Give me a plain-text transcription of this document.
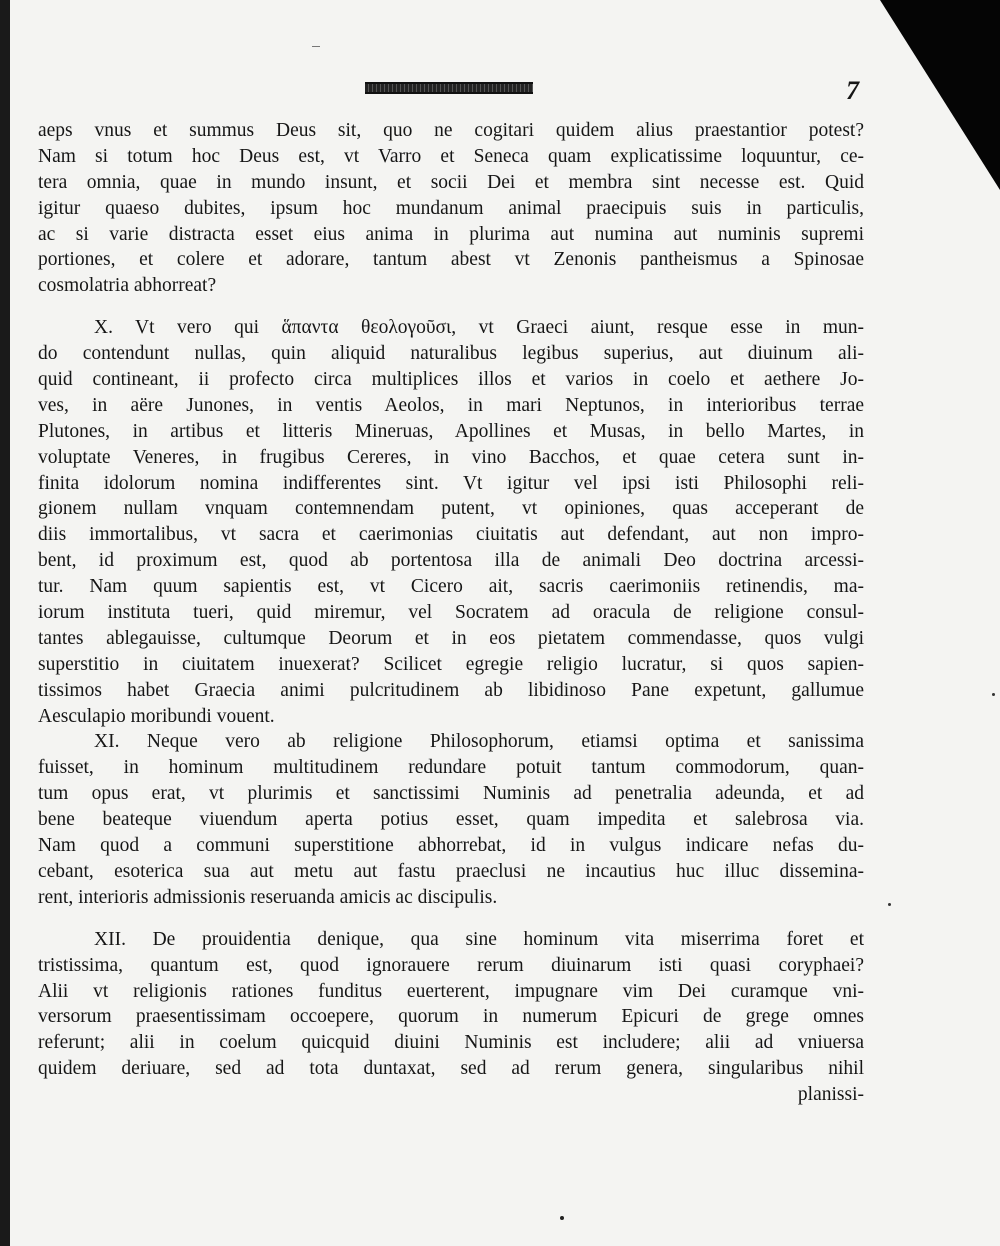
7
aeps vnus et summus Deus sit, quo ne cogitari quidem alius praestantior potest?
Nam si totum hoc Deus est, vt Varro et Seneca quam explicatissime loquuntur, ce-
tera omnia, quae in mundo insunt, et socii Dei et membra sint necesse est. Quid
igitur quaeso dubites, ipsum hoc mundanum animal praecipuis suis in particulis,
ac si varie distracta esset eius anima in plurima aut numina aut numinis supremi
portiones, et colere et adorare, tantum abest vt Zenonis pantheismus a Spinosae
cosmolatria abhorreat?
X. Vt vero qui ἅπαντα θεολογοῦσι, vt Graeci aiunt, resque esse in mun-
do contendunt nullas, quin aliquid naturalibus legibus superius, aut diuinum ali-
quid contineant, ii profecto circa multiplices illos et varios in coelo et aethere Jo-
ves, in aëre Junones, in ventis Aeolos, in mari Neptunos, in interioribus terrae
Plutones, in artibus et litteris Mineruas, Apollines et Musas, in bello Martes, in
voluptate Veneres, in frugibus Cereres, in vino Bacchos, et quae cetera sunt in-
finita idolorum nomina indifferentes sint. Vt igitur vel ipsi isti Philosophi reli-
gionem nullam vnquam contemnendam putent, vt opiniones, quas acceperant de
diis immortalibus, vt sacra et caerimonias ciuitatis aut defendant, aut non impro-
bent, id proximum est, quod ab portentosa illa de animali Deo doctrina arcessi-
tur. Nam quum sapientis est, vt Cicero ait, sacris caerimoniis retinendis, ma-
iorum instituta tueri, quid miremur, vel Socratem ad oracula de religione consul-
tantes ablegauisse, cultumque Deorum et in eos pietatem commendasse, quos vulgi
superstitio in ciuitatem inuexerat? Scilicet egregie religio lucratur, si quos sapien-
tissimos habet Graecia animi pulcritudinem ab libidinoso Pane expetunt, gallumue
Aesculapio moribundi vouent.
XI. Neque vero ab religione Philosophorum, etiamsi optima et sanissima
fuisset, in hominum multitudinem redundare potuit tantum commodorum, quan-
tum opus erat, vt plurimis et sanctissimi Numinis ad penetralia adeunda, et ad
bene beateque viuendum aperta potius esset, quam impedita et salebrosa via.
Nam quod a communi superstitione abhorrebat, id in vulgus indicare nefas du-
cebant, esoterica sua aut metu aut fastu praeclusi ne incautius huc illuc dissemina-
rent, interioris admissionis reseruanda amicis ac discipulis.
XII. De prouidentia denique, qua sine hominum vita miserrima foret et
tristissima, quantum est, quod ignorauere rerum diuinarum isti quasi coryphaei?
Alii vt religionis rationes funditus euerterent, impugnare vim Dei curamque vni-
versorum praesentissimam occoepere, quorum in numerum Epicuri de grege omnes
referunt; alii in coelum quicquid diuini Numinis est includere; alii ad vniuersa
quidem deriuare, sed ad tota duntaxat, sed ad rerum genera, singularibus nihil
planissi-
